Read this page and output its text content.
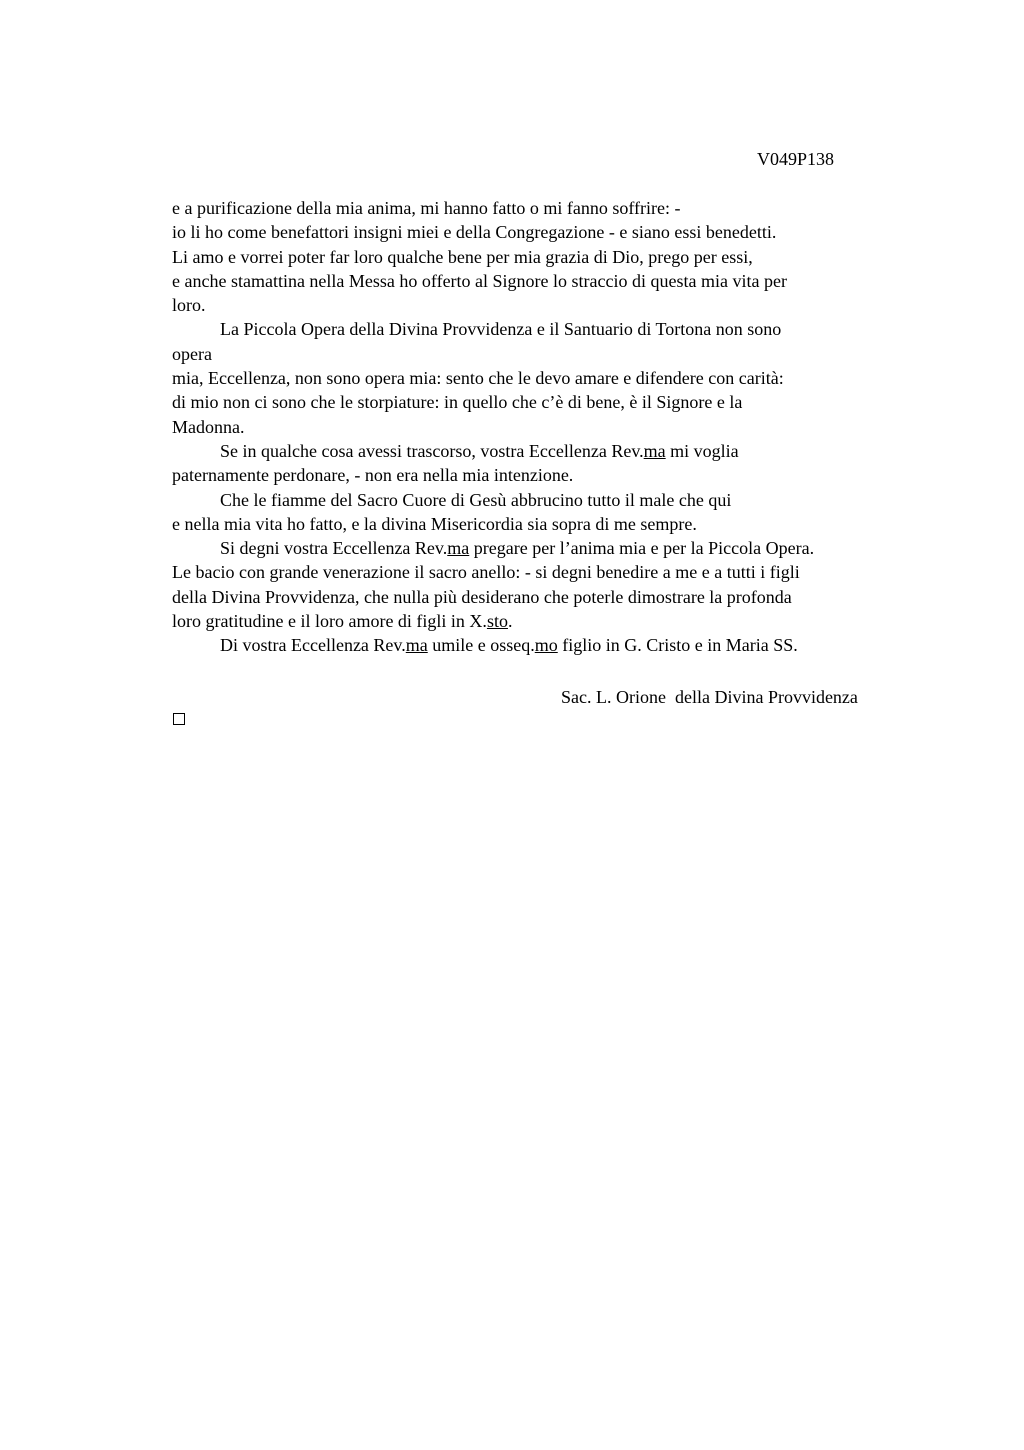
V049P138
e a purificazione della mia anima, mi hanno fatto o mi fanno soffrire: -
io li ho come benefattori insigni miei e della Congregazione - e siano essi benedetti.
Li amo e vorrei poter far loro qualche bene per mia grazia di Dio, prego per essi,
e anche stamattina nella Messa ho offerto al Signore lo straccio di questa mia vita per
loro.
La Piccola Opera della Divina Provvidenza e il Santuario di Tortona non sono
opera
mia, Eccellenza, non sono opera mia: sento che le devo amare e difendere con carità:
di mio non ci sono che le storpiature: in quello che c’è di bene, è il Signore e la
Madonna.
Se in qualche cosa avessi trascorso, vostra Eccellenza Rev.ma mi voglia
paternamente perdonare, - non era nella mia intenzione.
Che le fiamme del Sacro Cuore di Gesù abbrucino tutto il male che qui
e nella mia vita ho fatto, e la divina Misericordia sia sopra di me sempre.
Si degni vostra Eccellenza Rev.ma pregare per l’anima mia e per la Piccola Opera.
Le bacio con grande venerazione il sacro anello: - si degni benedire a me e a tutti i figli
della Divina Provvidenza, che nulla più desiderano che poterle dimostrare la profonda
loro gratitudine e il loro amore di figli in X.sto.
Di vostra Eccellenza Rev.ma umile e osseq.mo figlio in G. Cristo e in Maria SS.
Sac. L. Orione  della Divina Provvidenza
